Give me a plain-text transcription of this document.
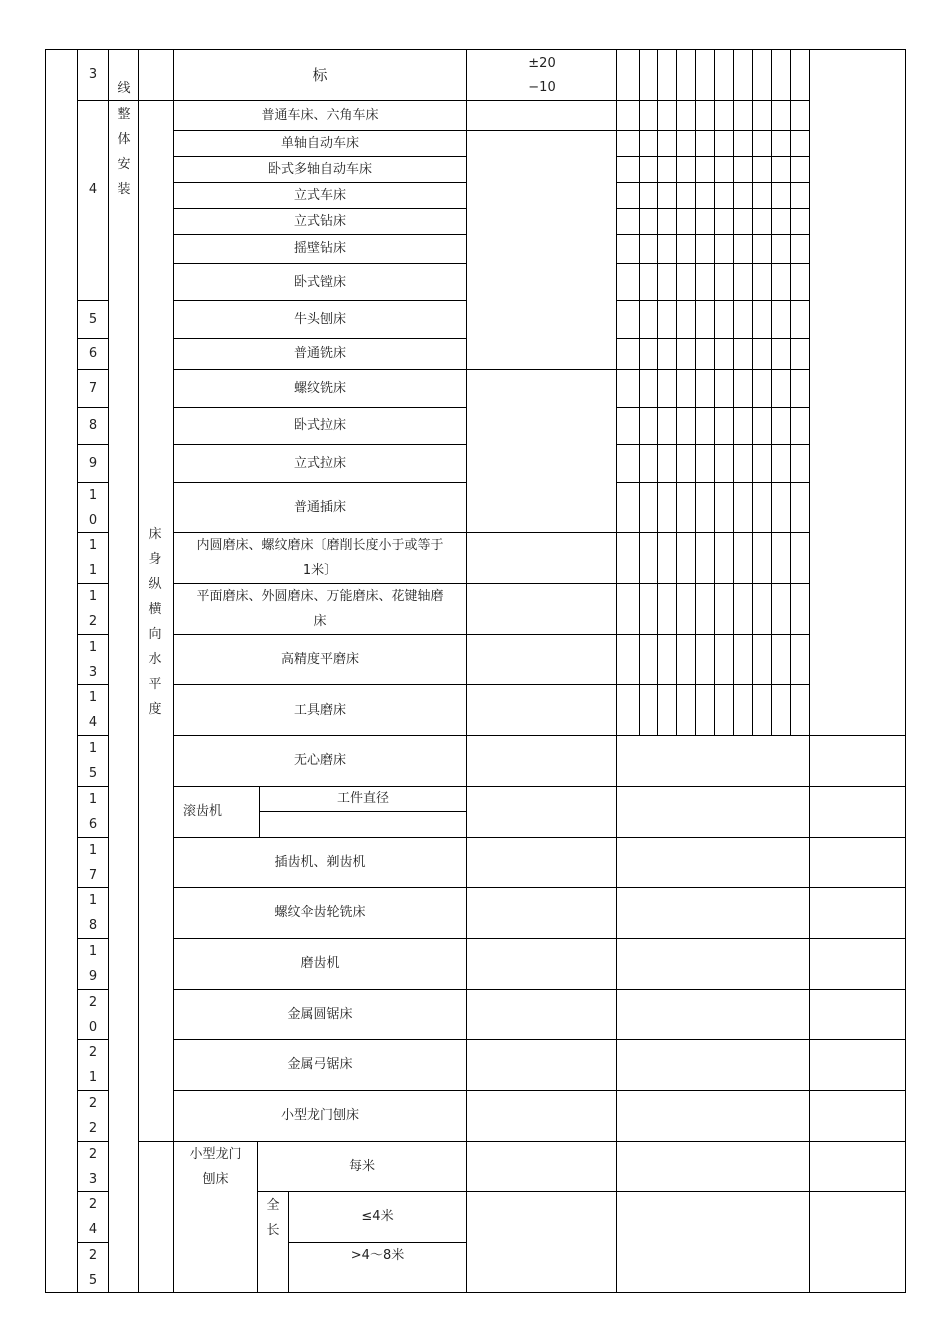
3
4
5
6
7
8
9
1
0
1
1
1
2
1
3
1
4
1
5
1
6
1
7
1
8
1
9
2
0
2
1
2
2
2
3
2
4
2
5
线
整
体
安
装
床
身
纵
横
向
水
平
度
标
±20
−10
普通车床、六角车床
单轴自动车床
卧式多轴自动车床
立式车床
立式钻床
摇壁钻床
卧式镗床
牛头刨床
普通铣床
螺纹铣床
卧式拉床
立式拉床
普通插床
内圆磨床、螺纹磨床〔磨削长度小于或等于
1米〕
平面磨床、外圆磨床、万能磨床、花键轴磨
床
高精度平磨床
工具磨床
无心磨床
滚齿机
工件直径
插齿机、剃齿机
螺纹伞齿轮铣床
磨齿机
金属圆锯床
金属弓锯床
小型龙门刨床
小型龙门
刨床
每米
全
长
≤4米
>4～8米
